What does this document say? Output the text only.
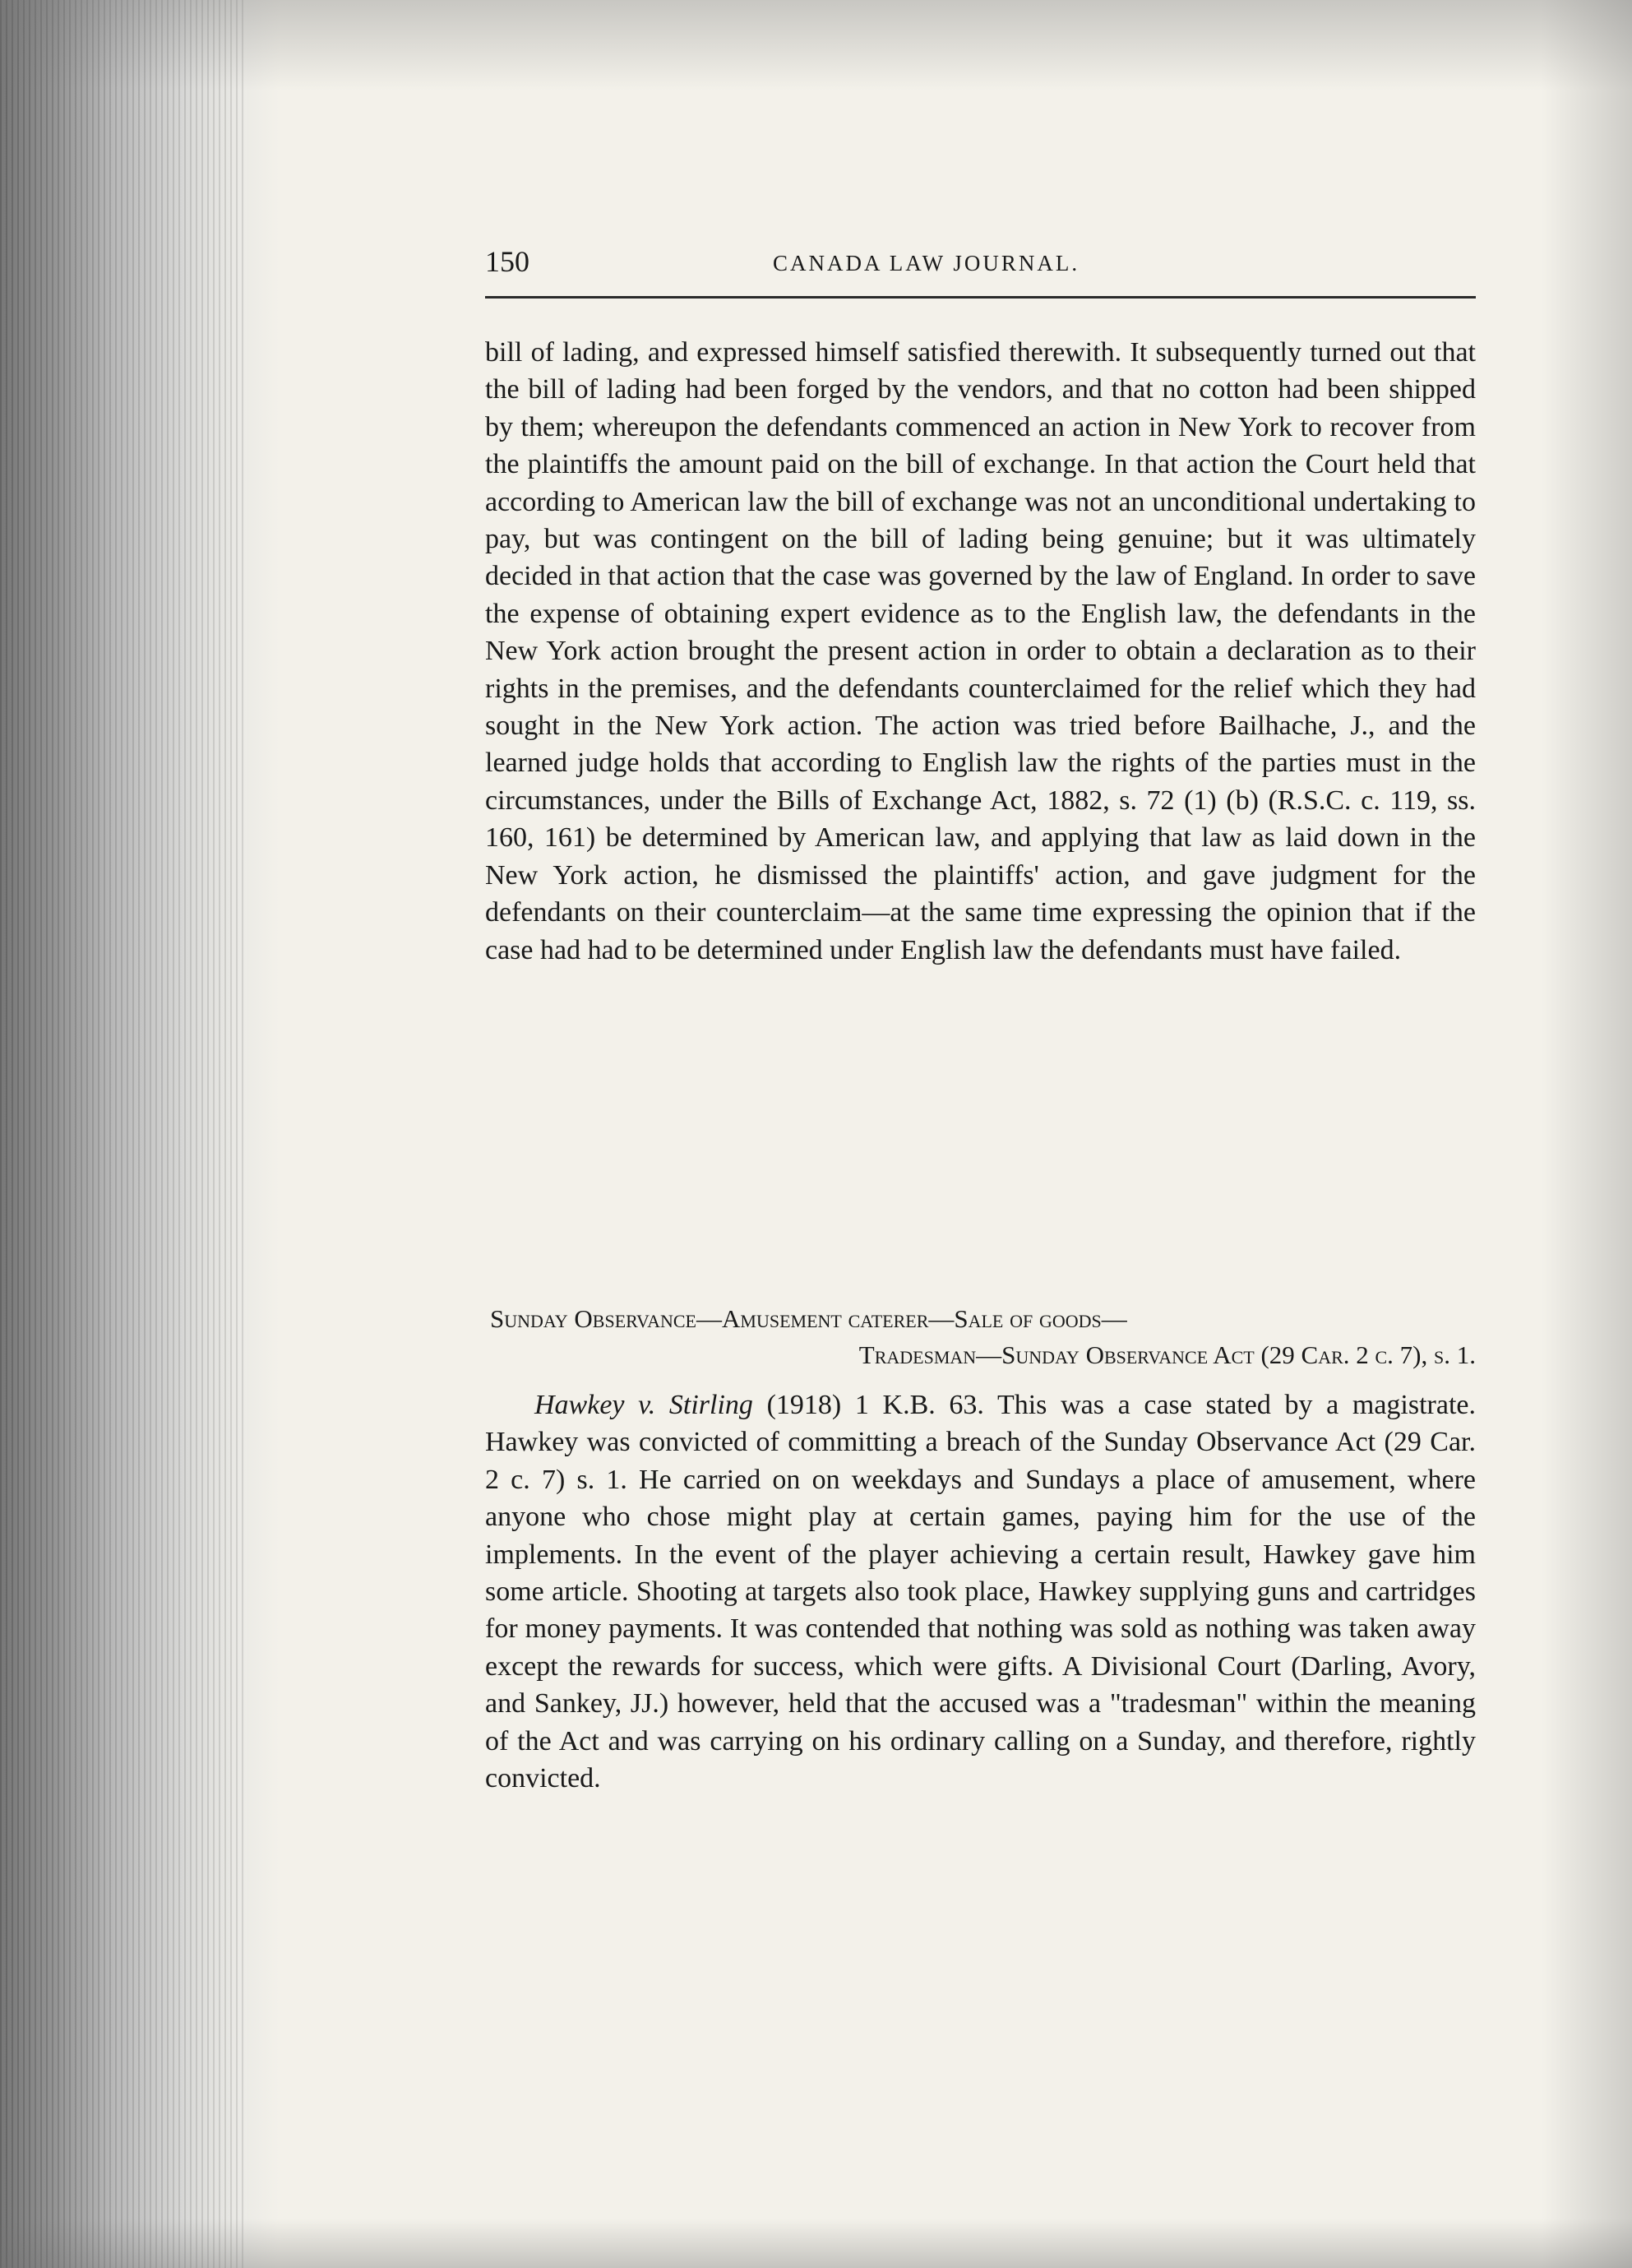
150	CANADA LAW JOURNAL.

bill of lading, and expressed himself satisfied therewith. It subsequently turned out that the bill of lading had been forged by the vendors, and that no cotton had been shipped by them; whereupon the defendants commenced an action in New York to recover from the plaintiffs the amount paid on the bill of exchange. In that action the Court held that according to American law the bill of exchange was not an unconditional undertaking to pay, but was contingent on the bill of lading being genuine; but it was ultimately decided in that action that the case was governed by the law of England. In order to save the expense of obtaining expert evidence as to the English law, the defendants in the New York action brought the present action in order to obtain a declaration as to their rights in the premises, and the defendants counterclaimed for the relief which they had sought in the New York action. The action was tried before Bailhache, J., and the learned judge holds that according to English law the rights of the parties must in the circumstances, under the Bills of Exchange Act, 1882, s. 72 (1) (b) (R.S.C. c. 119, ss. 160, 161) be determined by American law, and applying that law as laid down in the New York action, he dismissed the plaintiffs' action, and gave judgment for the defendants on their counterclaim—at the same time expressing the opinion that if the case had had to be determined under English law the defendants must have failed.

Sunday Observance—Amusement caterer—Sale of goods—
Tradesman—Sunday Observance Act (29 Car. 2 c. 7), s. 1.

Hawkey v. Stirling (1918) 1 K.B. 63. This was a case stated by a magistrate. Hawkey was convicted of committing a breach of the Sunday Observance Act (29 Car. 2 c. 7) s. 1. He carried on on weekdays and Sundays a place of amusement, where anyone who chose might play at certain games, paying him for the use of the implements. In the event of the player achieving a certain result, Hawkey gave him some article. Shooting at targets also took place, Hawkey supplying guns and cartridges for money payments. It was contended that nothing was sold as nothing was taken away except the rewards for success, which were gifts. A Divisional Court (Darling, Avory, and Sankey, JJ.) however, held that the accused was a "tradesman" within the meaning of the Act and was carrying on his ordinary calling on a Sunday, and therefore, rightly convicted.
